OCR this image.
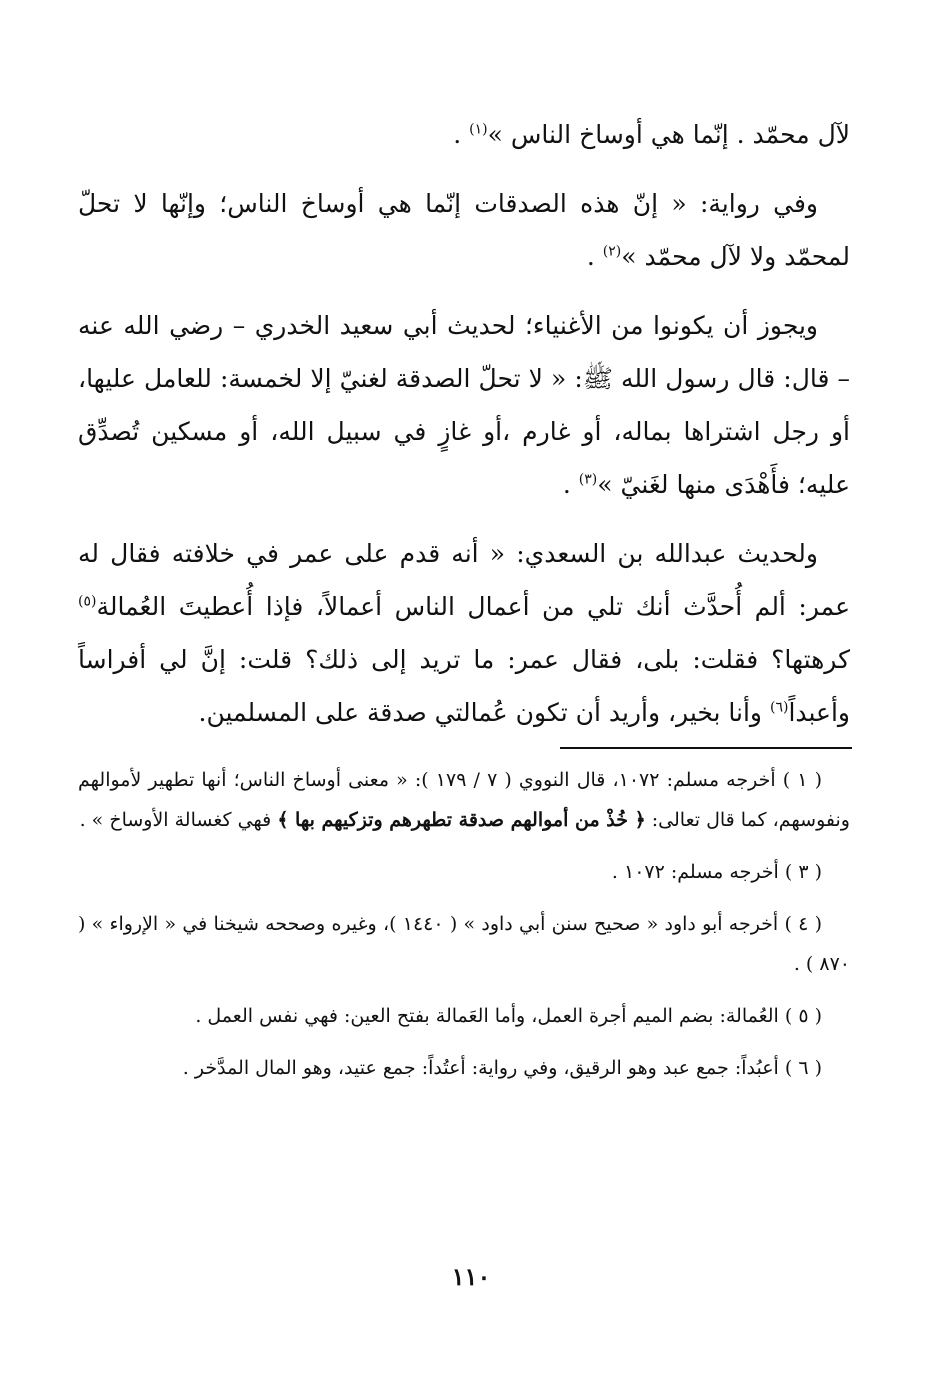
لآل محمّد . إنّما هي أوساخ الناس »$^{(١)}$ .

وفي رواية: « إنّ هذه الصدقات إنّما هي أوساخ الناس؛ وإنّها لا تحلّ لمحمّد ولا لآل محمّد »$^{(٢)}$ .

ويجوز أن يكونوا من الأغنياء؛ لحديث أبي سعيد الخدري – رضي الله عنه – قال: قال رسول الله ﷺ: « لا تحلّ الصدقة لغنيّ إلا لخمسة: للعامل عليها، أو رجل اشتراها بماله، أو غارم ،أو غازٍ في سبيل الله، أو مسكين تُصدِّق عليه؛ فأَهْدَى منها لغَنيّ »$^{(٣)}$ .

ولحديث عبدالله بن السعدي: « أنه قدم على عمر في خلافته فقال له عمر: ألم أُحدَّث أنك تلي من أعمال الناس أعمالاً، فإذا أُعطيتَ العُمالة$^{(٥)}$ كرهتها؟ فقلت: بلى، فقال عمر: ما تريد إلى ذلك؟ قلت: إنَّ لي أفراساً وأعبداً$^{(٦)}$ وأنا بخير، وأريد أن تكون عُمالتي صدقة على المسلمين.

( ١ ) أخرجه مسلم: ١٠٧٢، قال النووي ( ٧ / ١٧٩ ): « معنى أوساخ الناس؛ أنها تطهير لأموالهم ونفوسهم، كما قال تعالى: ﴿ خُذْ من أموالهم صدقة تطهرهم وتزكيهم بها ﴾ فهي كغسالة الأوساخ » .

( ٣ ) أخرجه مسلم: ١٠٧٢ .

( ٤ ) أخرجه أبو داود « صحيح سنن أبي داود » ( ١٤٤٠ )، وغيره وصححه شيخنا في « الإرواء » ( ٨٧٠ ) .

( ٥ ) العُمالة: بضم الميم أجرة العمل، وأما العَمالة بفتح العين: فهي نفس العمل .

( ٦ ) أعبُداً: جمع عبد وهو الرقيق، وفي رواية: أعتُداً: جمع عتيد، وهو المال المدَّخر .

١١٠
